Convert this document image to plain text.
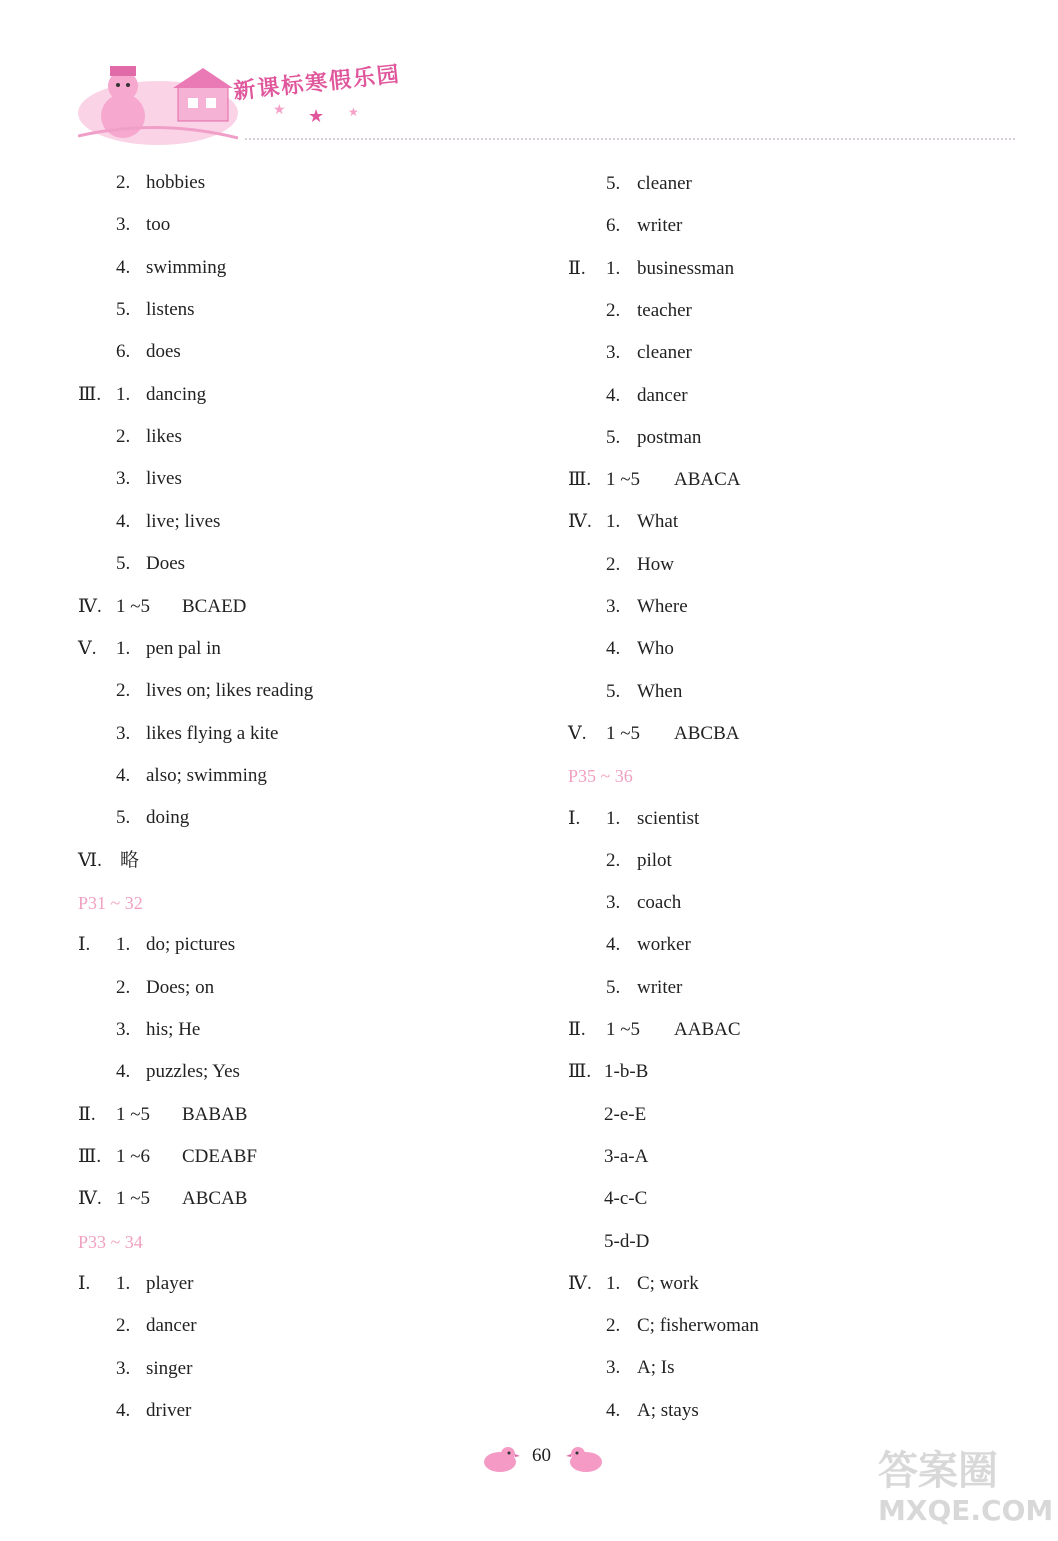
新课标寒假乐园
★ ★ ★
2. hobbies
3. too
4. swimming
5. listens
6. does
Ⅲ. 1. dancing
2. likes
3. lives
4. live; lives
5. Does
Ⅳ. 1 ~5 BCAED
Ⅴ. 1. pen pal in
2. lives on; likes reading
3. likes flying a kite
4. also; swimming
5. doing
Ⅵ. 略
P31 ~ 32
Ⅰ. 1. do; pictures
2. Does; on
3. his; He
4. puzzles; Yes
Ⅱ. 1 ~5 BABAB
Ⅲ. 1 ~6 CDEABF
Ⅳ. 1 ~5 ABCAB
P33 ~ 34
Ⅰ. 1. player
2. dancer
3. singer
4. driver
5. cleaner
6. writer
Ⅱ. 1. businessman
2. teacher
3. cleaner
4. dancer
5. postman
Ⅲ. 1 ~5 ABACA
Ⅳ. 1. What
2. How
3. Where
4. Who
5. When
Ⅴ. 1 ~5 ABCBA
P35 ~ 36
Ⅰ. 1. scientist
2. pilot
3. coach
4. worker
5. writer
Ⅱ. 1 ~5 AABAC
Ⅲ. 1-b-B
2-e-E
3-a-A
4-c-C
5-d-D
Ⅳ. 1. C; work
2. C; fisherwoman
3. A; Is
4. A; stays
60	答案圈
MXQE.COM
